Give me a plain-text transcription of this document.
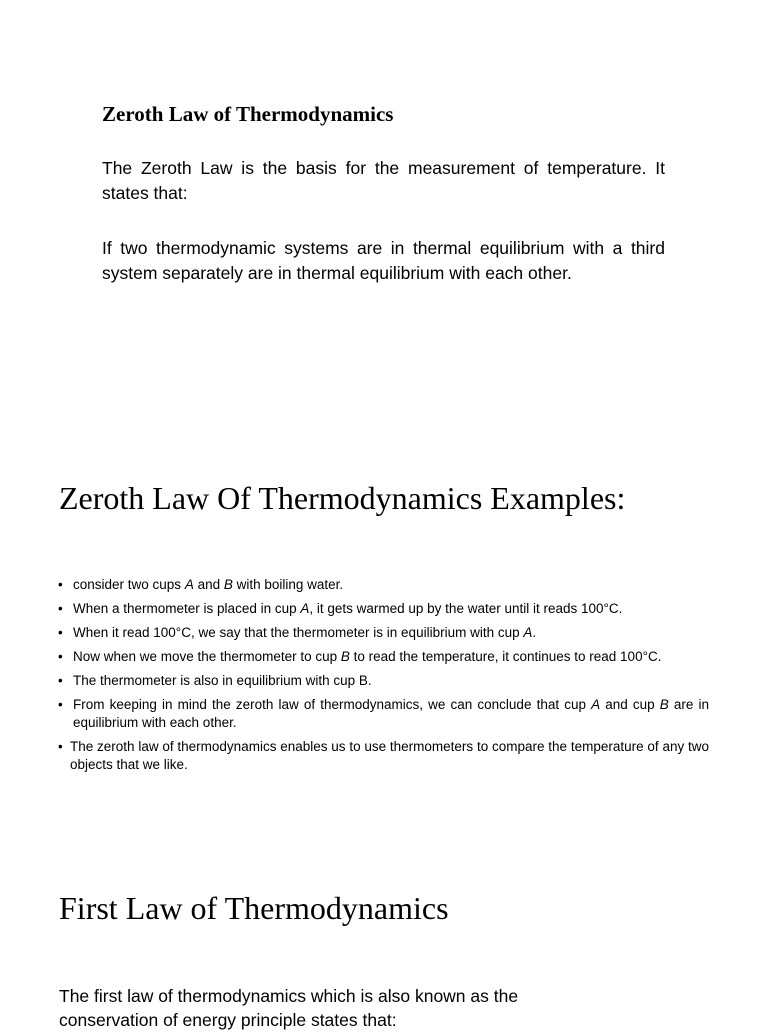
Zeroth Law of Thermodynamics

The Zeroth Law is the basis for the measurement of temperature. It states that:

If two thermodynamic systems are in thermal equilibrium with a third system separately are in thermal equilibrium with each other.

Zeroth Law Of Thermodynamics Examples:
• consider two cups A and B with boiling water.
• When a thermometer is placed in cup A, it gets warmed up by the water until it reads 100°C.
• When it read 100°C, we say that the thermometer is in equilibrium with cup A.
• Now when we move the thermometer to cup B to read the temperature, it continues to read 100°C.
• The thermometer is also in equilibrium with cup B.
• From keeping in mind the zeroth law of thermodynamics, we can conclude that cup A and cup B are in equilibrium with each other.
• The zeroth law of thermodynamics enables us to use thermometers to compare the temperature of any two objects that we like.
First Law of Thermodynamics

The first law of thermodynamics which is also known as the conservation of energy principle states that:
